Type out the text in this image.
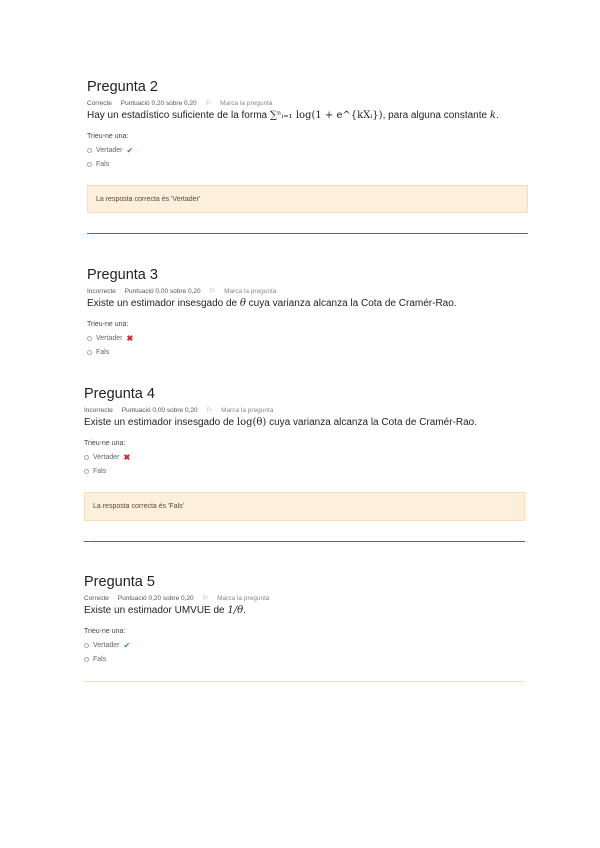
Pregunta 2
Correcte Puntuació 0,20 sobre 0,20 ⚐ Marca la pregunta
Hay un estadístico suficiente de la forma ∑ⁿᵢ₌₁ log(1 + e^{kXᵢ}), para alguna constante k.
Trieu-ne una:
Vertader ✔
Fals
La resposta correcta és 'Vertader'
Pregunta 3
Incorrecte Puntuació 0,00 sobre 0,20 ⚐ Marca la pregunta
Existe un estimador insesgado de θ cuya varianza alcanza la Cota de Cramér-Rao.
Trieu-ne una:
Vertader ✖
Fals
Pregunta 4
Incorrecte Puntuació 0,00 sobre 0,20 ⚐ Marca la pregunta
Existe un estimador insesgado de log(θ) cuya varianza alcanza la Cota de Cramér-Rao.
Trieu-ne una:
Vertader ✖
Fals
La resposta correcta és 'Fals'
Pregunta 5
Correcte Puntuació 0,20 sobre 0,20 ⚐ Marca la pregunta
Existe un estimador UMVUE de 1/θ.
Trieu-ne una:
Vertader ✔
Fals
